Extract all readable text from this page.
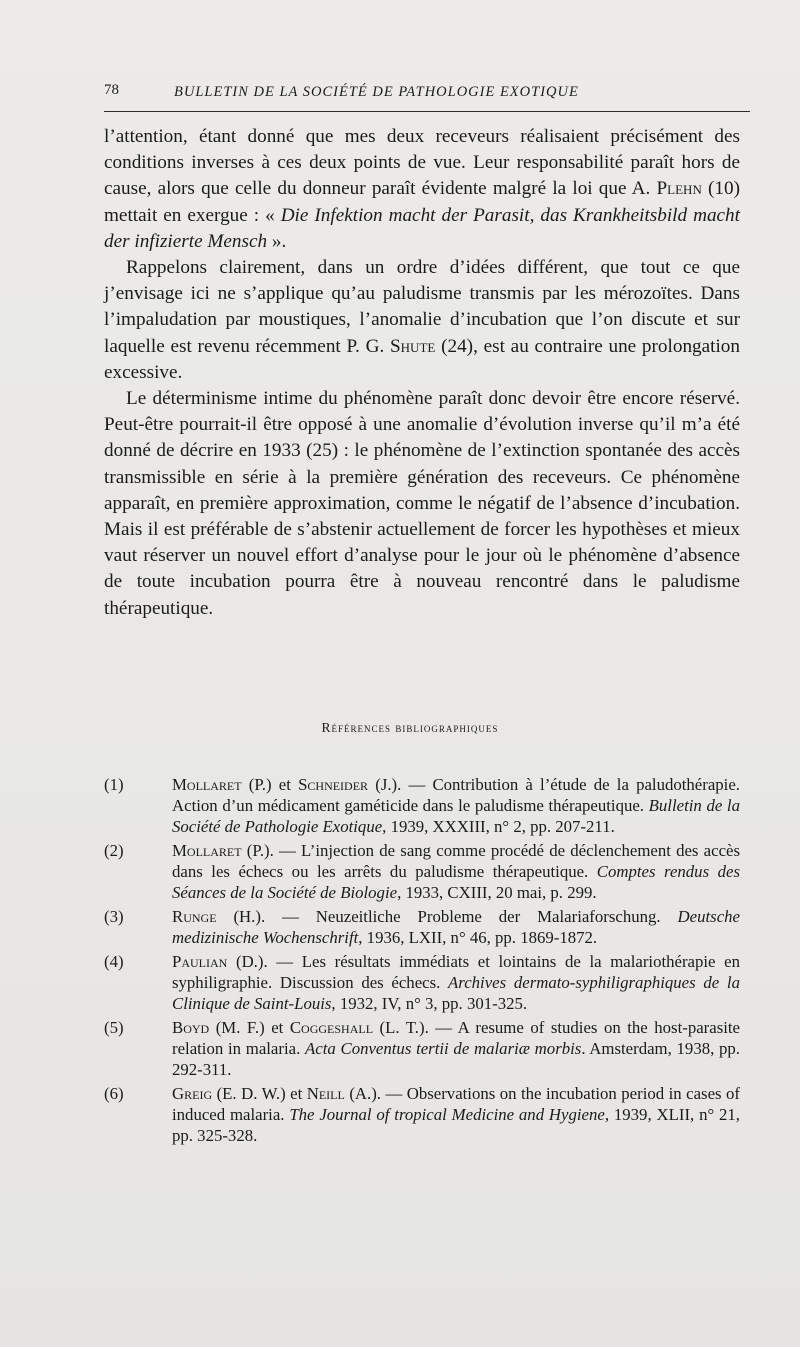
78	BULLETIN DE LA SOCIÉTÉ DE PATHOLOGIE EXOTIQUE

l’attention, étant donné que mes deux receveurs réalisaient précisément des conditions inverses à ces deux points de vue. Leur responsabilité paraît hors de cause, alors que celle du donneur paraît évidente malgré la loi que A. Plehn (10) mettait en exergue : « Die Infektion macht der Parasit, das Krankheitsbild macht der infizierte Mensch ».

Rappelons clairement, dans un ordre d’idées différent, que tout ce que j’envisage ici ne s’applique qu’au paludisme transmis par les mérozoïtes. Dans l’impaludation par moustiques, l’anomalie d’incubation que l’on discute et sur laquelle est revenu récemment P. G. Shute (24), est au contraire une prolongation excessive.

Le déterminisme intime du phénomène paraît donc devoir être encore réservé. Peut-être pourrait-il être opposé à une anomalie d’évolution inverse qu’il m’a été donné de décrire en 1933 (25) : le phénomène de l’extinction spontanée des accès transmissible en série à la première génération des receveurs. Ce phénomène apparaît, en première approximation, comme le négatif de l’absence d’incubation. Mais il est préférable de s’abstenir actuellement de forcer les hypothèses et mieux vaut réserver un nouvel effort d’analyse pour le jour où le phénomène d’absence de toute incubation pourra être à nouveau rencontré dans le paludisme thérapeutique.

Références bibliographiques
(1)	Mollaret (P.) et Schneider (J.). — Contribution à l’étude de la paludothérapie. Action d’un médicament gaméticide dans le paludisme thérapeutique. Bulletin de la Société de Pathologie Exotique, 1939, XXXIII, n° 2, pp. 207-211.
(2)	Mollaret (P.). — L’injection de sang comme procédé de déclenchement des accès dans les échecs ou les arrêts du paludisme thérapeutique. Comptes rendus des Séances de la Société de Biologie, 1933, CXIII, 20 mai, p. 299.
(3)	Runge (H.). — Neuzeitliche Probleme der Malariaforschung. Deutsche medizinische Wochenschrift, 1936, LXII, n° 46, pp. 1869-1872.
(4)	Paulian (D.). — Les résultats immédiats et lointains de la malariothérapie en syphiligraphie. Discussion des échecs. Archives dermato-syphiligraphiques de la Clinique de Saint-Louis, 1932, IV, n° 3, pp. 301-325.
(5)	Boyd (M. F.) et Coggeshall (L. T.). — A resume of studies on the host-parasite relation in malaria. Acta Conventus tertii de malariæ morbis. Amsterdam, 1938, pp. 292-311.
(6)	Greig (E. D. W.) et Neill (A.). — Observations on the incubation period in cases of induced malaria. The Journal of tropical Medicine and Hygiene, 1939, XLII, n° 21, pp. 325-328.
